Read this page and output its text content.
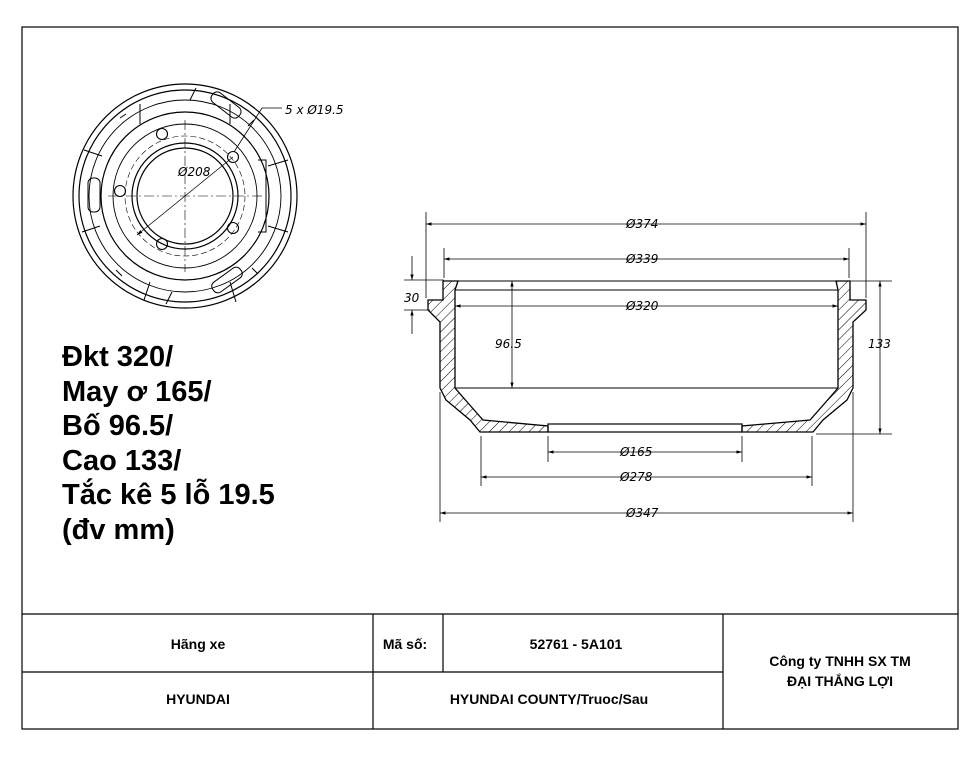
5 x Ø19.5
Ø208
Ø374
Ø339
Ø320
Ø165
Ø278
Ø347
30
96.5	133
Hãng xe
HYUNDAI
Mã số:	52761 - 5A101
HYUNDAI COUNTY/Truoc/Sau
Công ty TNHH SX TM
ĐẠI THẮNG LỢI
Đkt 320/
May ơ 165/
Bố 96.5/
Cao 133/
Tắc kê 5 lỗ 19.5
(đv mm)
